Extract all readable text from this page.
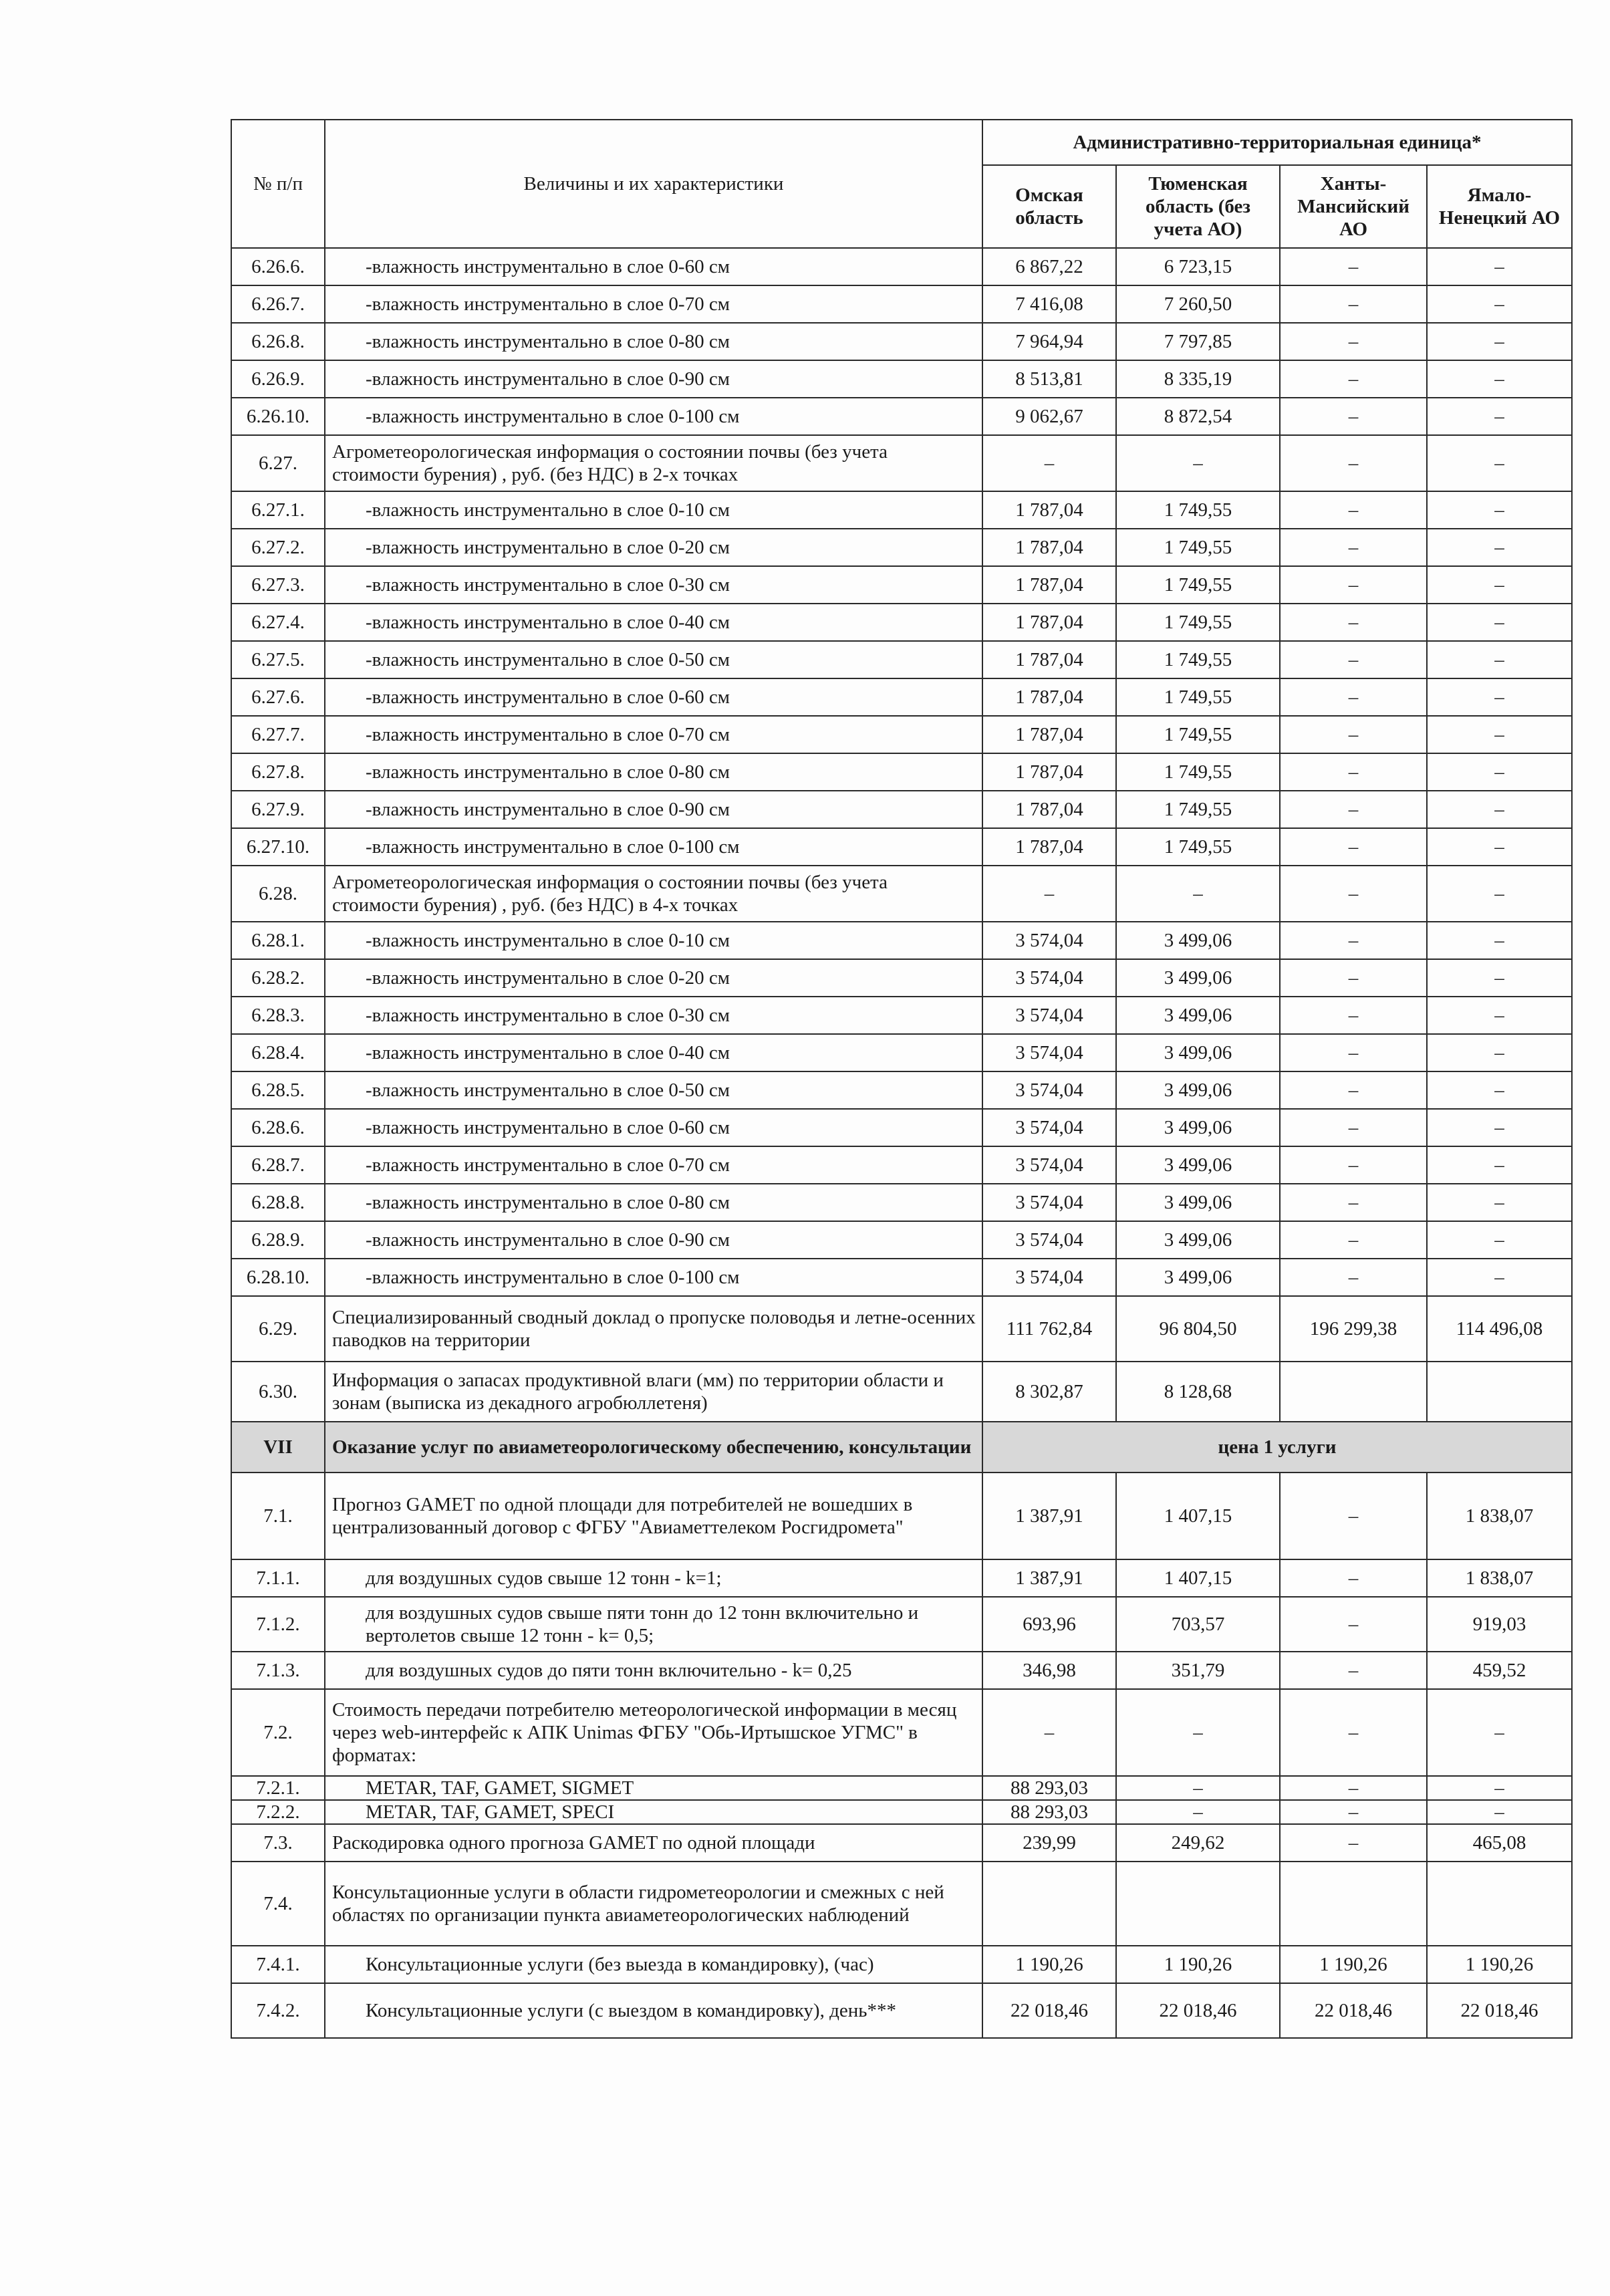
№ п/п	Величины и их характеристики	Административно-территориальная единица*			
		Омская область	Тюменская область (без учета АО)	Ханты-Мансийский АО	Ямало-Ненецкий АО
6.26.6.	-влажность инструментально в слое 0-60 см	6 867,22	6 723,15	–	–
6.26.7.	-влажность инструментально в слое 0-70 см	7 416,08	7 260,50	–	–
6.26.8.	-влажность инструментально в слое 0-80 см	7 964,94	7 797,85	–	–
6.26.9.	-влажность инструментально в слое 0-90 см	8 513,81	8 335,19	–	–
6.26.10.	-влажность инструментально в слое 0-100 см	9 062,67	8 872,54	–	–
6.27.	Агрометеорологическая информация о состоянии почвы (без учета стоимости бурения) , руб. (без НДС) в 2-х точках	–	–	–	–
6.27.1.	-влажность инструментально в слое 0-10 см	1 787,04	1 749,55	–	–
6.27.2.	-влажность инструментально в слое 0-20 см	1 787,04	1 749,55	–	–
6.27.3.	-влажность инструментально в слое 0-30 см	1 787,04	1 749,55	–	–
6.27.4.	-влажность инструментально в слое 0-40 см	1 787,04	1 749,55	–	–
6.27.5.	-влажность инструментально в слое 0-50 см	1 787,04	1 749,55	–	–
6.27.6.	-влажность инструментально в слое 0-60 см	1 787,04	1 749,55	–	–
6.27.7.	-влажность инструментально в слое 0-70 см	1 787,04	1 749,55	–	–
6.27.8.	-влажность инструментально в слое 0-80 см	1 787,04	1 749,55	–	–
6.27.9.	-влажность инструментально в слое 0-90 см	1 787,04	1 749,55	–	–
6.27.10.	-влажность инструментально в слое 0-100 см	1 787,04	1 749,55	–	–
6.28.	Агрометеорологическая информация о состоянии почвы (без учета стоимости бурения) , руб. (без НДС) в 4-х точках	–	–	–	–
6.28.1.	-влажность инструментально в слое 0-10 см	3 574,04	3 499,06	–	–
6.28.2.	-влажность инструментально в слое 0-20 см	3 574,04	3 499,06	–	–
6.28.3.	-влажность инструментально в слое 0-30 см	3 574,04	3 499,06	–	–
6.28.4.	-влажность инструментально в слое 0-40 см	3 574,04	3 499,06	–	–
6.28.5.	-влажность инструментально в слое 0-50 см	3 574,04	3 499,06	–	–
6.28.6.	-влажность инструментально в слое 0-60 см	3 574,04	3 499,06	–	–
6.28.7.	-влажность инструментально в слое 0-70 см	3 574,04	3 499,06	–	–
6.28.8.	-влажность инструментально в слое 0-80 см	3 574,04	3 499,06	–	–
6.28.9.	-влажность инструментально в слое 0-90 см	3 574,04	3 499,06	–	–
6.28.10.	-влажность инструментально в слое 0-100 см	3 574,04	3 499,06	–	–
6.29.	Специализированный сводный доклад о пропуске половодья и летне-осенних паводков на территории	111 762,84	96 804,50	196 299,38	114 496,08
6.30.	Информация о запасах продуктивной влаги (мм) по территории области и зонам (выписка из декадного агробюллетеня)	8 302,87	8 128,68		
VII	Оказание услуг по авиаметеорологическому обеспечению, консультации	цена 1 услуги			
7.1.	Прогноз GAMET по одной площади для потребителей не вошедших в централизованный договор с ФГБУ "Авиаметтелеком Росгидромета"	1 387,91	1 407,15	–	1 838,07
7.1.1.	для воздушных судов свыше 12 тонн - k=1;	1 387,91	1 407,15	–	1 838,07
7.1.2.	для воздушных судов свыше пяти тонн до 12 тонн включительно и вертолетов свыше 12 тонн - k= 0,5;	693,96	703,57	–	919,03
7.1.3.	для воздушных судов до пяти тонн включительно - k= 0,25	346,98	351,79	–	459,52
7.2.	Стоимость передачи потребителю метеорологической информации в месяц через web-интерфейс к АПК Unimas ФГБУ "Обь-Иртышское УГМС" в форматах:	–	–	–	–
7.2.1.	METAR, TAF, GAMET, SIGMET	88 293,03	–	–	–
7.2.2.	METAR, TAF, GAMET, SPECI	88 293,03	–	–	–
7.3.	Раскодировка одного прогноза GAMET по одной площади	239,99	249,62	–	465,08
7.4.	Консультационные услуги в области гидрометеорологии и смежных с ней областях по организации пункта авиаметеорологических наблюдений				
7.4.1.	Консультационные услуги (без выезда в командировку), (час)	1 190,26	1 190,26	1 190,26	1 190,26
7.4.2.	Консультационные услуги (с выездом в командировку), день***	22 018,46	22 018,46	22 018,46	22 018,46
